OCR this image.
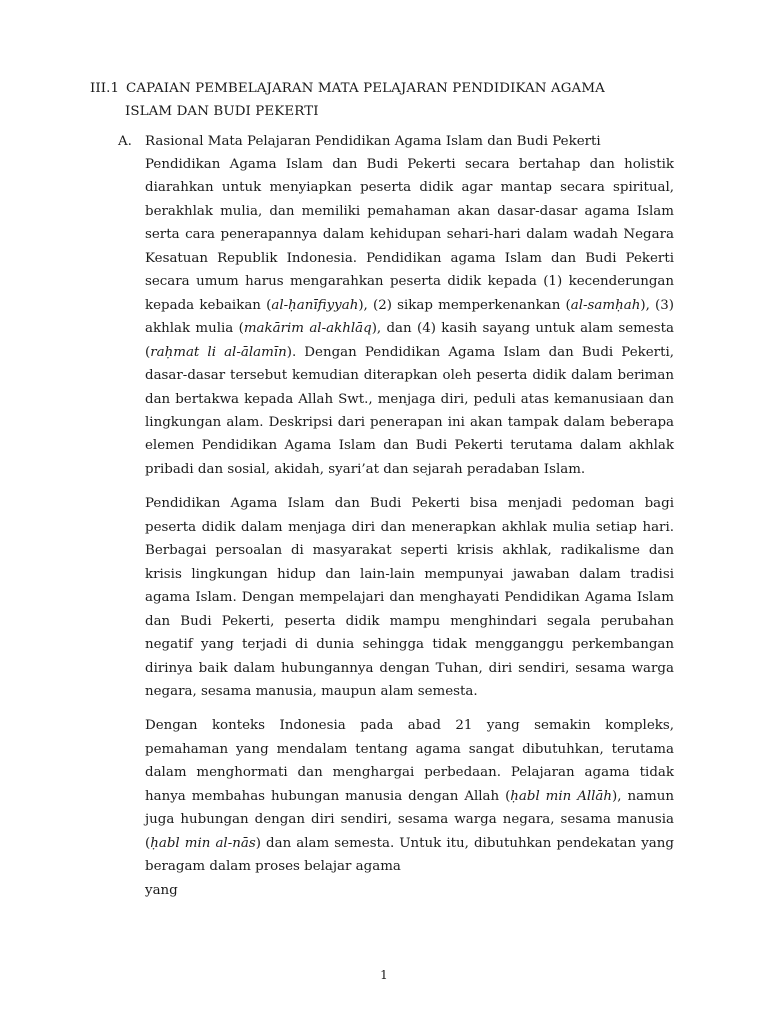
III.1 CAPAIAN PEMBELAJARAN MATA PELAJARAN PENDIDIKAN AGAMA
ISLAM DAN BUDI PEKERTI
A. Rasional Mata Pelajaran Pendidikan Agama Islam dan Budi Pekerti

Pendidikan Agama Islam dan Budi Pekerti secara bertahap dan holistik diarahkan untuk menyiapkan peserta didik agar mantap secara spiritual, berakhlak mulia, dan memiliki pemahaman akan dasar-dasar agama Islam serta cara penerapannya dalam kehidupan sehari-hari dalam wadah Negara Kesatuan Republik Indonesia. Pendidikan agama Islam dan Budi Pekerti secara umum harus mengarahkan peserta didik kepada (1) kecenderungan kepada kebaikan (al-ḥanīfiyyah), (2) sikap memperkenankan (al-samḥah), (3) akhlak mulia (makārim al-akhlāq), dan (4) kasih sayang untuk alam semesta (raḥmat li al-ālamīn). Dengan Pendidikan Agama Islam dan Budi Pekerti, dasar-dasar tersebut kemudian diterapkan oleh peserta didik dalam beriman dan bertakwa kepada Allah Swt., menjaga diri, peduli atas kemanusiaan dan lingkungan alam. Deskripsi dari penerapan ini akan tampak dalam beberapa elemen Pendidikan Agama Islam dan Budi Pekerti terutama dalam akhlak pribadi dan sosial, akidah, syari’at dan sejarah peradaban Islam.

Pendidikan Agama Islam dan Budi Pekerti bisa menjadi pedoman bagi peserta didik dalam menjaga diri dan menerapkan akhlak mulia setiap hari. Berbagai persoalan di masyarakat seperti krisis akhlak, radikalisme dan krisis lingkungan hidup dan lain-lain mempunyai jawaban dalam tradisi agama Islam. Dengan mempelajari dan menghayati Pendidikan Agama Islam dan Budi Pekerti, peserta didik mampu menghindari segala perubahan negatif yang terjadi di dunia sehingga tidak mengganggu perkembangan dirinya baik dalam hubungannya dengan Tuhan, diri sendiri, sesama warga negara, sesama manusia, maupun alam semesta.

Dengan konteks Indonesia pada abad 21 yang semakin kompleks, pemahaman yang mendalam tentang agama sangat dibutuhkan, terutama dalam menghormati dan menghargai perbedaan. Pelajaran agama tidak hanya membahas hubungan manusia dengan Allah (ḥabl min Allāh), namun juga hubungan dengan diri sendiri, sesama warga negara, sesama manusia (ḥabl min al-nās) dan alam semesta. Untuk itu, dibutuhkan pendekatan yang beragam dalam proses belajar agama

yang
1
